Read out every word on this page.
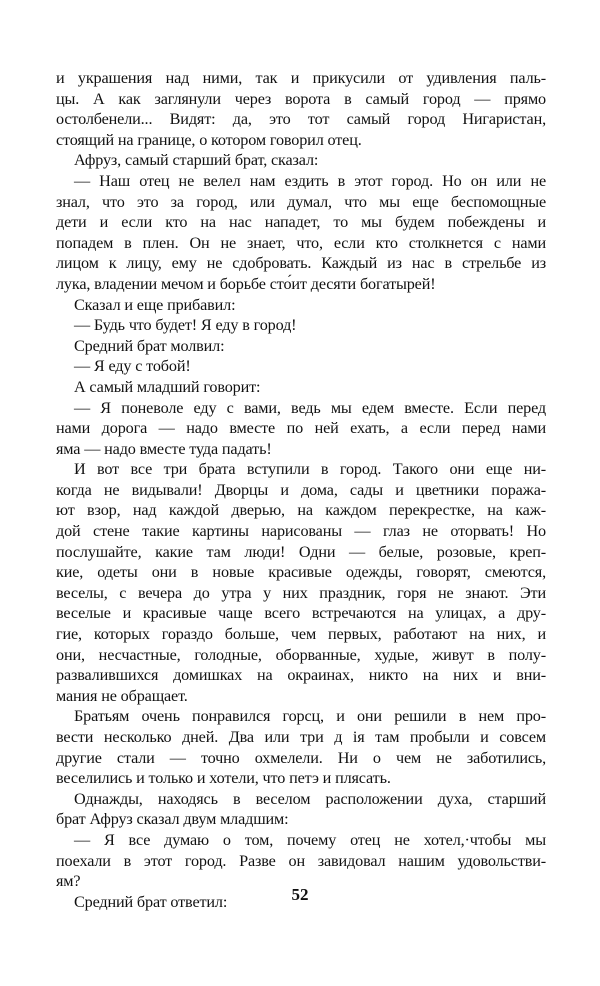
и украшения над ними, так и прикусили от удивления паль-
цы. А как заглянули через ворота в самый город — прямо
остолбенели... Видят: да, это тот самый город Нигаристан,
стоящий на границе, о котором говорил отец.
Афруз, самый старший брат, сказал:
— Наш отец не велел нам ездить в этот город. Но он или не
знал, что это за город, или думал, что мы еще беспомощные
дети и если кто на нас нападет, то мы будем побеждены и
попадем в плен. Он не знает, что, если кто столкнется с нами
лицом к лицу, ему не сдобровать. Каждый из нас в стрельбе из
лука, владении мечом и борьбе сто́ит десяти богатырей!
Сказал и еще прибавил:
— Будь что будет! Я еду в город!
Средний брат молвил:
— Я еду с тобой!
А самый младший говорит:
— Я поневоле еду с вами, ведь мы едем вместе. Если перед
нами дорога — надо вместе по ней ехать, а если перед нами
яма — надо вместе туда падать!
И вот все три брата вступили в город. Такого они еще ни-
когда не видывали! Дворцы и дома, сады и цветники поража-
ют взор, над каждой дверью, на каждом перекрестке, на каж-
дой стене такие картины нарисованы — глаз не оторвать! Но
послушайте, какие там люди! Одни — белые, розовые, креп-
кие, одеты они в новые красивые одежды, говорят, смеются,
веселы, с вечера до утра у них праздник, горя не знают. Эти
веселые и красивые чаще всего встречаются на улицах, а дру-
гие, которых гораздо больше, чем первых, работают на них, и
они, несчастные, голодные, оборванные, худые, живут в полу-
развалившихся домишках на окраинах, никто на них и вни-
мания не обращает.
Братьям очень понравился горсц, и они решили в нем про-
вести несколько дней. Два или три д ія там пробыли и совсем
другие стали — точно охмелели. Ни о чем не заботились,
веселились и только и хотели, что петэ и плясать.
Однажды, находясь в веселом расположении духа, старший
брат Афруз сказал двум младшим:
— Я все думаю о том, почему отец не хотел,·чтобы мы
поехали в этот город. Разве он завидовал нашим удовольстви-
ям?
Средний брат ответил:	52
